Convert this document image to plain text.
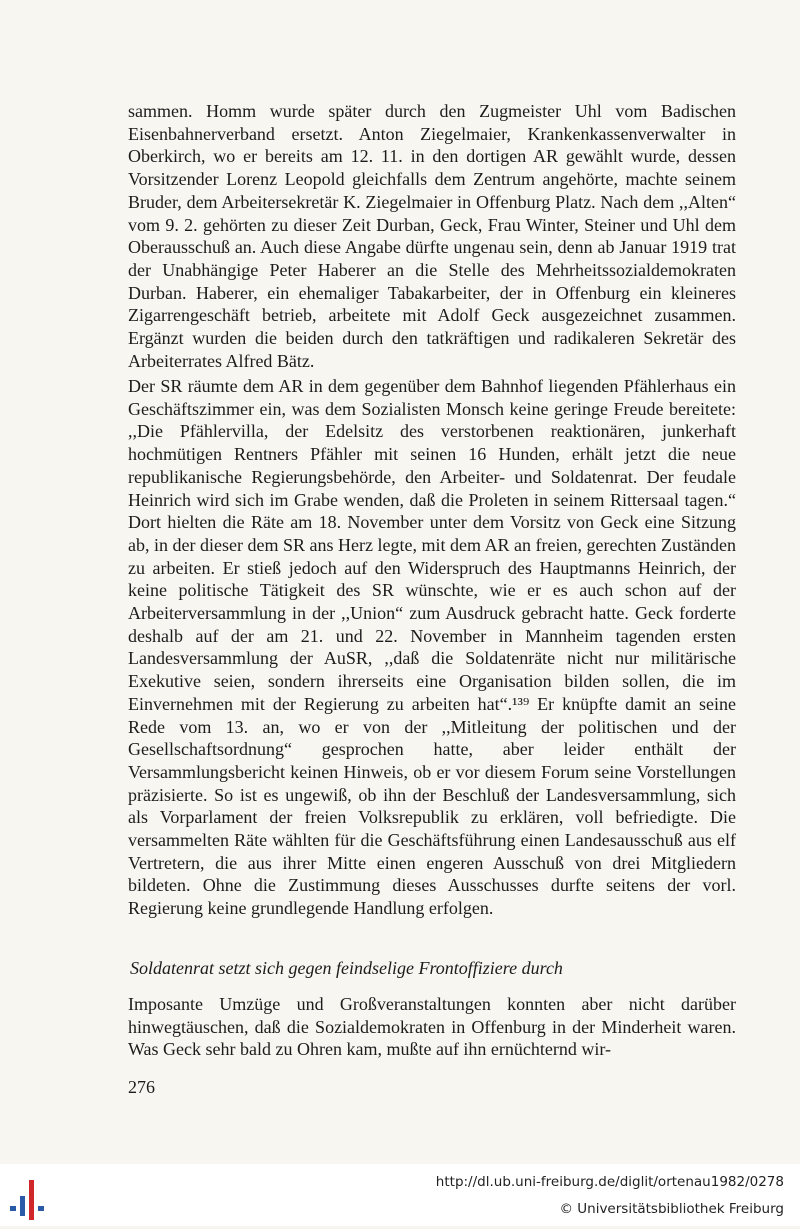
sammen. Homm wurde später durch den Zugmeister Uhl vom Badischen Eisenbahnerverband ersetzt. Anton Ziegelmaier, Krankenkassenverwalter in Oberkirch, wo er bereits am 12. 11. in den dortigen AR gewählt wurde, dessen Vorsitzender Lorenz Leopold gleichfalls dem Zentrum angehörte, machte seinem Bruder, dem Arbeitersekretär K. Ziegelmaier in Offenburg Platz. Nach dem ,,Alten“ vom 9. 2. gehörten zu dieser Zeit Durban, Geck, Frau Winter, Steiner und Uhl dem Oberausschuß an. Auch diese Angabe dürfte ungenau sein, denn ab Januar 1919 trat der Unabhängige Peter Haberer an die Stelle des Mehrheitssozialdemokraten Durban. Haberer, ein ehemaliger Tabakarbeiter, der in Offenburg ein kleineres Zigarrengeschäft betrieb, arbeitete mit Adolf Geck ausgezeichnet zusammen. Ergänzt wurden die beiden durch den tatkräftigen und radikaleren Sekretär des Arbeiterrates Alfred Bätz.

Der SR räumte dem AR in dem gegenüber dem Bahnhof liegenden Pfählerhaus ein Geschäftszimmer ein, was dem Sozialisten Monsch keine geringe Freude bereitete: ,,Die Pfählervilla, der Edelsitz des verstorbenen reaktionären, junkerhaft hochmütigen Rentners Pfähler mit seinen 16 Hunden, erhält jetzt die neue republikanische Regierungsbehörde, den Arbeiter- und Soldatenrat. Der feudale Heinrich wird sich im Grabe wenden, daß die Proleten in seinem Rittersaal tagen.“ Dort hielten die Räte am 18. November unter dem Vorsitz von Geck eine Sitzung ab, in der dieser dem SR ans Herz legte, mit dem AR an freien, gerechten Zuständen zu arbeiten. Er stieß jedoch auf den Widerspruch des Hauptmanns Heinrich, der keine politische Tätigkeit des SR wünschte, wie er es auch schon auf der Arbeiterversammlung in der ,,Union“ zum Ausdruck gebracht hatte. Geck forderte deshalb auf der am 21. und 22. November in Mannheim tagenden ersten Landesversammlung der AuSR, ,,daß die Soldatenräte nicht nur militärische Exekutive seien, sondern ihrerseits eine Organisation bilden sollen, die im Einvernehmen mit der Regierung zu arbeiten hat“.¹³⁹ Er knüpfte damit an seine Rede vom 13. an, wo er von der ,,Mitleitung der politischen und der Gesellschaftsordnung“ gesprochen hatte, aber leider enthält der Versammlungsbericht keinen Hinweis, ob er vor diesem Forum seine Vorstellungen präzisierte. So ist es ungewiß, ob ihn der Beschluß der Landesversammlung, sich als Vorparlament der freien Volksrepublik zu erklären, voll befriedigte. Die versammelten Räte wählten für die Geschäftsführung einen Landesausschuß aus elf Vertretern, die aus ihrer Mitte einen engeren Ausschuß von drei Mitgliedern bildeten. Ohne die Zustimmung dieses Ausschusses durfte seitens der vorl. Regierung keine grundlegende Handlung erfolgen.

Soldatenrat setzt sich gegen feindselige Frontoffiziere durch

Imposante Umzüge und Großveranstaltungen konnten aber nicht darüber hinwegtäuschen, daß die Sozialdemokraten in Offenburg in der Minderheit waren. Was Geck sehr bald zu Ohren kam, mußte auf ihn ernüchternd wir-

276
http://dl.ub.uni-freiburg.de/diglit/ortenau1982/0278
© Universitätsbibliothek Freiburg
